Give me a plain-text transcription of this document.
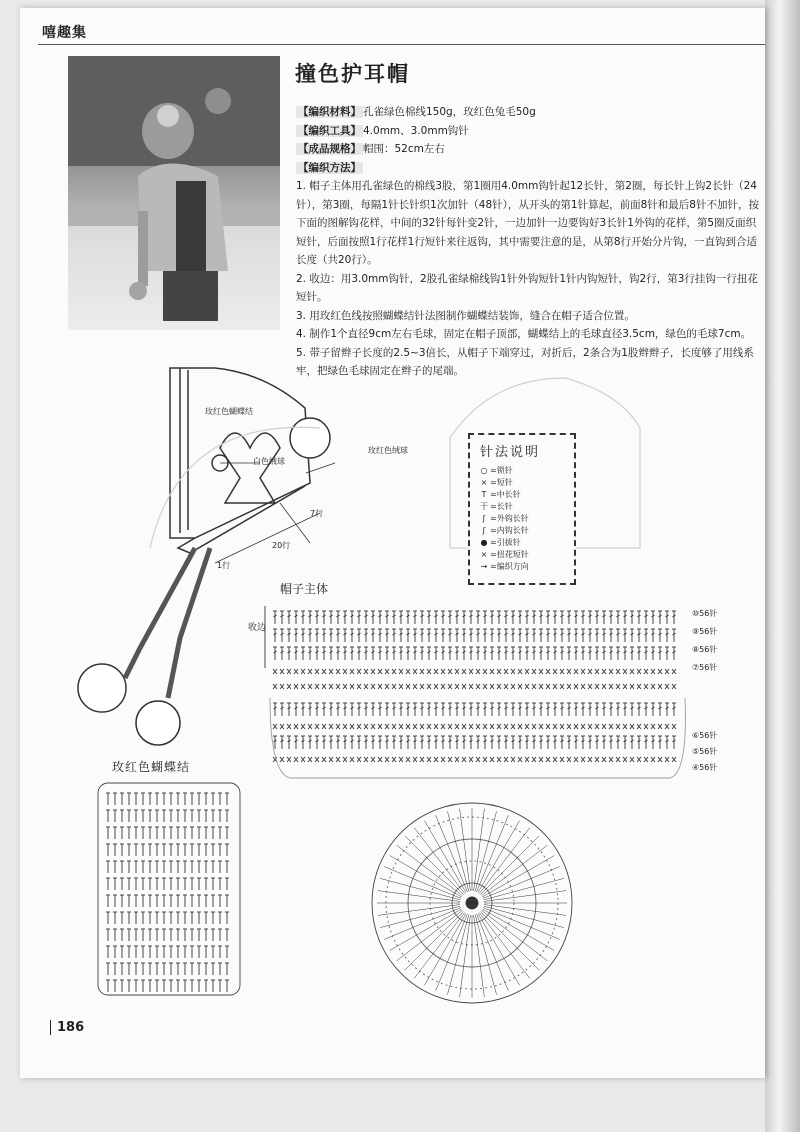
嘻趣集
撞色护耳帽

【编织材料】 孔雀绿色棉线150g，玫红色兔毛50g

【编织工具】 4.0mm、3.0mm钩针

【成品规格】 帽围：52cm左右

【编织方法】

1. 帽子主体用孔雀绿色的棉线3股，第1圈用4.0mm钩针起12长针，第2圈，每长针上钩2长针（24针），第3圈，每隔1针长针织1次加针（48针），从开头的第1针算起，前面8针和最后8针不加针，按下面的图解钩花样，中间的32针每针变2针，一边加针一边要钩好3长针1外钩的花样，第5圈反面织短针，后面按照1行花样1行短针来往返钩，其中需要注意的是，从第8行开始分片钩，一直钩到合适长度（共20行）。

2. 收边：用3.0mm钩针，2股孔雀绿棉线钩1针外钩短针1针内钩短针，钩2行，第3行挂钩一行扭花短针。

3. 用玫红色线按照蝴蝶结针法图制作蝴蝶结装饰，缝合在帽子适合位置。

4. 制作1个直径9cm左右毛球，固定在帽子顶部，蝴蝶结上的毛球直径3.5cm，绿色的毛球7cm。

5. 带子留辫子长度的2.5~3倍长，从帽子下端穿过，对折后，2条合为1股辫辫子，长度够了用线系牢，把绿色毛球固定在辫子的尾端。

玫红色蝴蝶结
白色绒球
玫红色绒球
7行
20行
1行
针法说明
○ =锁针
× =短针
T =中长针
干 =长针
ʃ =外钩长针
ʃ =内钩长针
● =引拔针
× =扭花短针
→ =编织方向
帽子主体
收边
⑩56针
⑨56针
⑧56针
⑦56针
⑥56针
⑤56针
④56针
玫红色蝴蝶结
186
